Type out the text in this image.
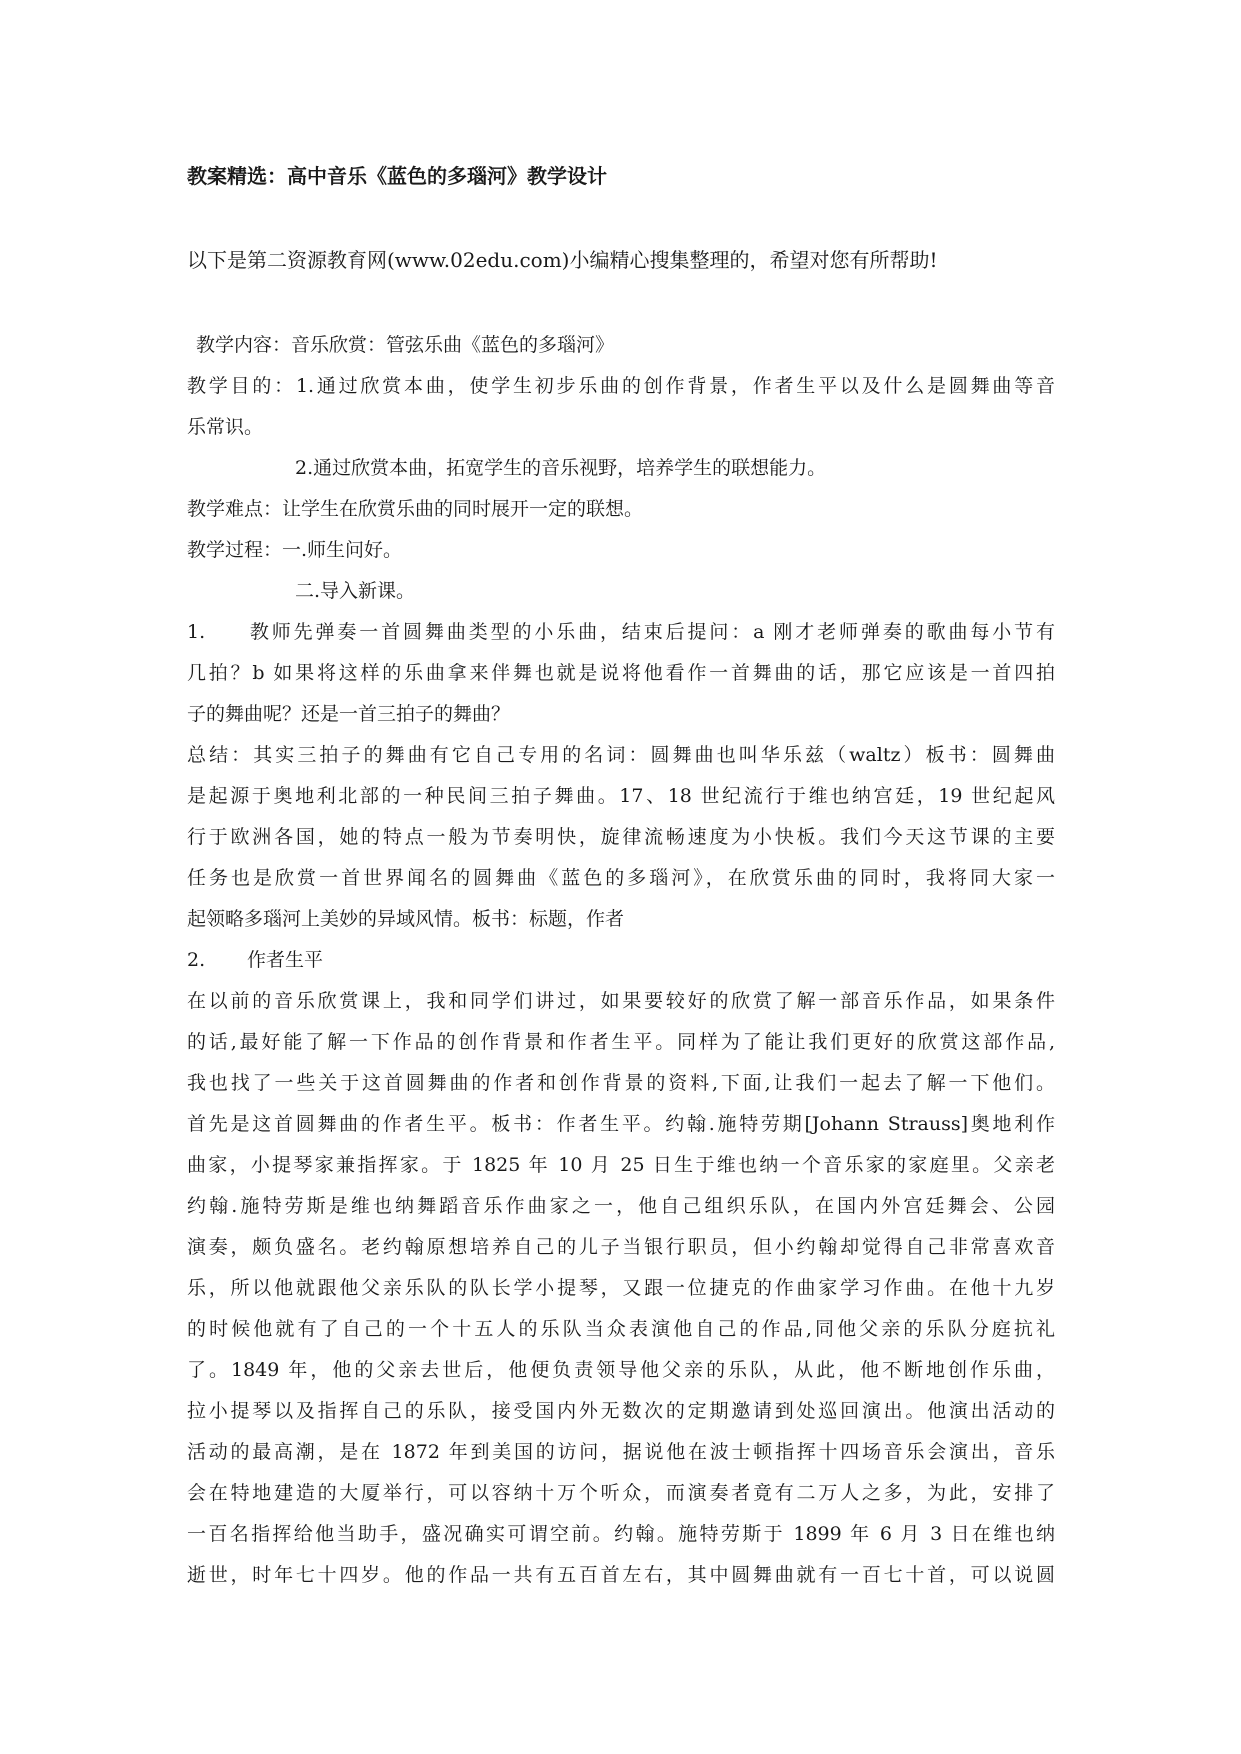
教案精选：高中音乐《蓝色的多瑙河》教学设计
以下是第二资源教育网(www.02edu.com)小编精心搜集整理的，希望对您有所帮助!
教学内容：音乐欣赏：管弦乐曲《蓝色的多瑙河》
教学目的：1.通过欣赏本曲，使学生初步乐曲的创作背景，作者生平以及什么是圆舞曲等音
乐常识。
2.通过欣赏本曲，拓宽学生的音乐视野，培养学生的联想能力。
教学难点：让学生在欣赏乐曲的同时展开一定的联想。
教学过程：一.师生问好。
二.导入新课。
1. 教师先弹奏一首圆舞曲类型的小乐曲，结束后提问：a 刚才老师弹奏的歌曲每小节有
几拍？b 如果将这样的乐曲拿来伴舞也就是说将他看作一首舞曲的话，那它应该是一首四拍
子的舞曲呢？还是一首三拍子的舞曲？
总结：其实三拍子的舞曲有它自己专用的名词：圆舞曲也叫华乐兹（waltz）板书：圆舞曲
是起源于奥地利北部的一种民间三拍子舞曲。17、18 世纪流行于维也纳宫廷，19 世纪起风
行于欧洲各国，她的特点一般为节奏明快，旋律流畅速度为小快板。我们今天这节课的主要
任务也是欣赏一首世界闻名的圆舞曲《蓝色的多瑙河》，在欣赏乐曲的同时，我将同大家一
起领略多瑙河上美妙的异域风情。板书：标题，作者
2. 作者生平
在以前的音乐欣赏课上，我和同学们讲过，如果要较好的欣赏了解一部音乐作品，如果条件
的话,最好能了解一下作品的创作背景和作者生平。同样为了能让我们更好的欣赏这部作品,
我也找了一些关于这首圆舞曲的作者和创作背景的资料,下面,让我们一起去了解一下他们。
首先是这首圆舞曲的作者生平。板书：作者生平。约翰.施特劳期[Johann Strauss]奥地利作
曲家，小提琴家兼指挥家。于 1825 年 10 月 25 日生于维也纳一个音乐家的家庭里。父亲老
约翰.施特劳斯是维也纳舞蹈音乐作曲家之一，他自己组织乐队，在国内外宫廷舞会、公园
演奏，颇负盛名。老约翰原想培养自己的儿子当银行职员，但小约翰却觉得自己非常喜欢音
乐，所以他就跟他父亲乐队的队长学小提琴，又跟一位捷克的作曲家学习作曲。在他十九岁
的时候他就有了自己的一个十五人的乐队当众表演他自己的作品,同他父亲的乐队分庭抗礼
了。1849 年，他的父亲去世后，他便负责领导他父亲的乐队，从此，他不断地创作乐曲，
拉小提琴以及指挥自己的乐队，接受国内外无数次的定期邀请到处巡回演出。他演出活动的
活动的最高潮，是在 1872 年到美国的访问，据说他在波士顿指挥十四场音乐会演出，音乐
会在特地建造的大厦举行，可以容纳十万个听众，而演奏者竟有二万人之多，为此，安排了
一百名指挥给他当助手，盛况确实可谓空前。约翰。施特劳斯于 1899 年 6 月 3 日在维也纳
逝世，时年七十四岁。他的作品一共有五百首左右，其中圆舞曲就有一百七十首，可以说圆
